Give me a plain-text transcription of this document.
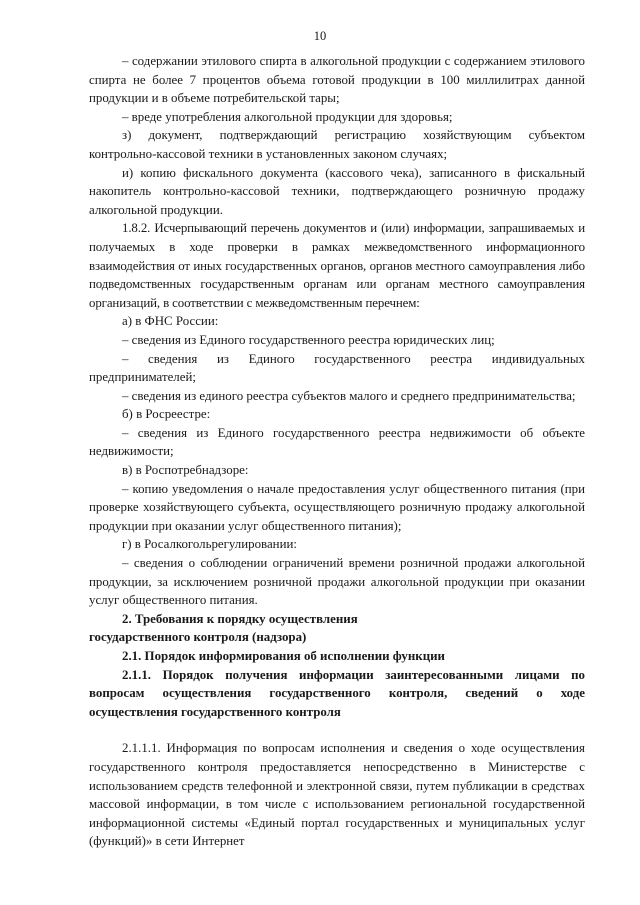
10

– содержании этилового спирта в алкогольной продукции с содержанием этилового спирта не более 7 процентов объема готовой продукции в 100 миллилитрах данной продукции и в объеме потребительской тары;

– вреде употребления алкогольной продукции для здоровья;

з) документ, подтверждающий регистрацию хозяйствующим субъектом контрольно-кассовой техники в установленных законом случаях;

и) копию фискального документа (кассового чека), записанного в фискальный накопитель контрольно-кассовой техники, подтверждающего розничную продажу алкогольной продукции.

1.8.2. Исчерпывающий перечень документов и (или) информации, запрашиваемых и получаемых в ходе проверки в рамках межведомственного информационного взаимодействия от иных государственных органов, органов местного самоуправления либо подведомственных государственным органам или органам местного самоуправления организаций, в соответствии с межведомственным перечнем:

а) в ФНС России:

– сведения из Единого государственного реестра юридических лиц;

– сведения из Единого государственного реестра индивидуальных предпринимателей;

– сведения из единого реестра субъектов малого и среднего предпринимательства;

б) в Росреестре:

– сведения из Единого государственного реестра недвижимости об объекте недвижимости;

в) в Роспотребнадзоре:

– копию уведомления о начале предоставления услуг общественного питания (при проверке хозяйствующего субъекта, осуществляющего розничную продажу алкогольной продукции при оказании услуг общественного питания);

г) в Росалкогольрегулировании:

– сведения о соблюдении ограничений времени розничной продажи алкогольной продукции, за исключением розничной продажи алкогольной продукции при оказании услуг общественного питания.

2. Требования к порядку осуществления
государственного контроля (надзора)

2.1. Порядок информирования об исполнении функции

2.1.1. Порядок получения информации заинтересованными лицами по вопросам осуществления государственного контроля, сведений о ходе осуществления государственного контроля

2.1.1.1. Информация по вопросам исполнения и сведения о ходе осуществления государственного контроля предоставляется непосредственно в Министерстве с использованием средств телефонной и электронной связи, путем публикации в средствах массовой информации, в том числе с использованием региональной государственной информационной системы «Единый портал государственных и муниципальных услуг (функций)» в сети Интернет
